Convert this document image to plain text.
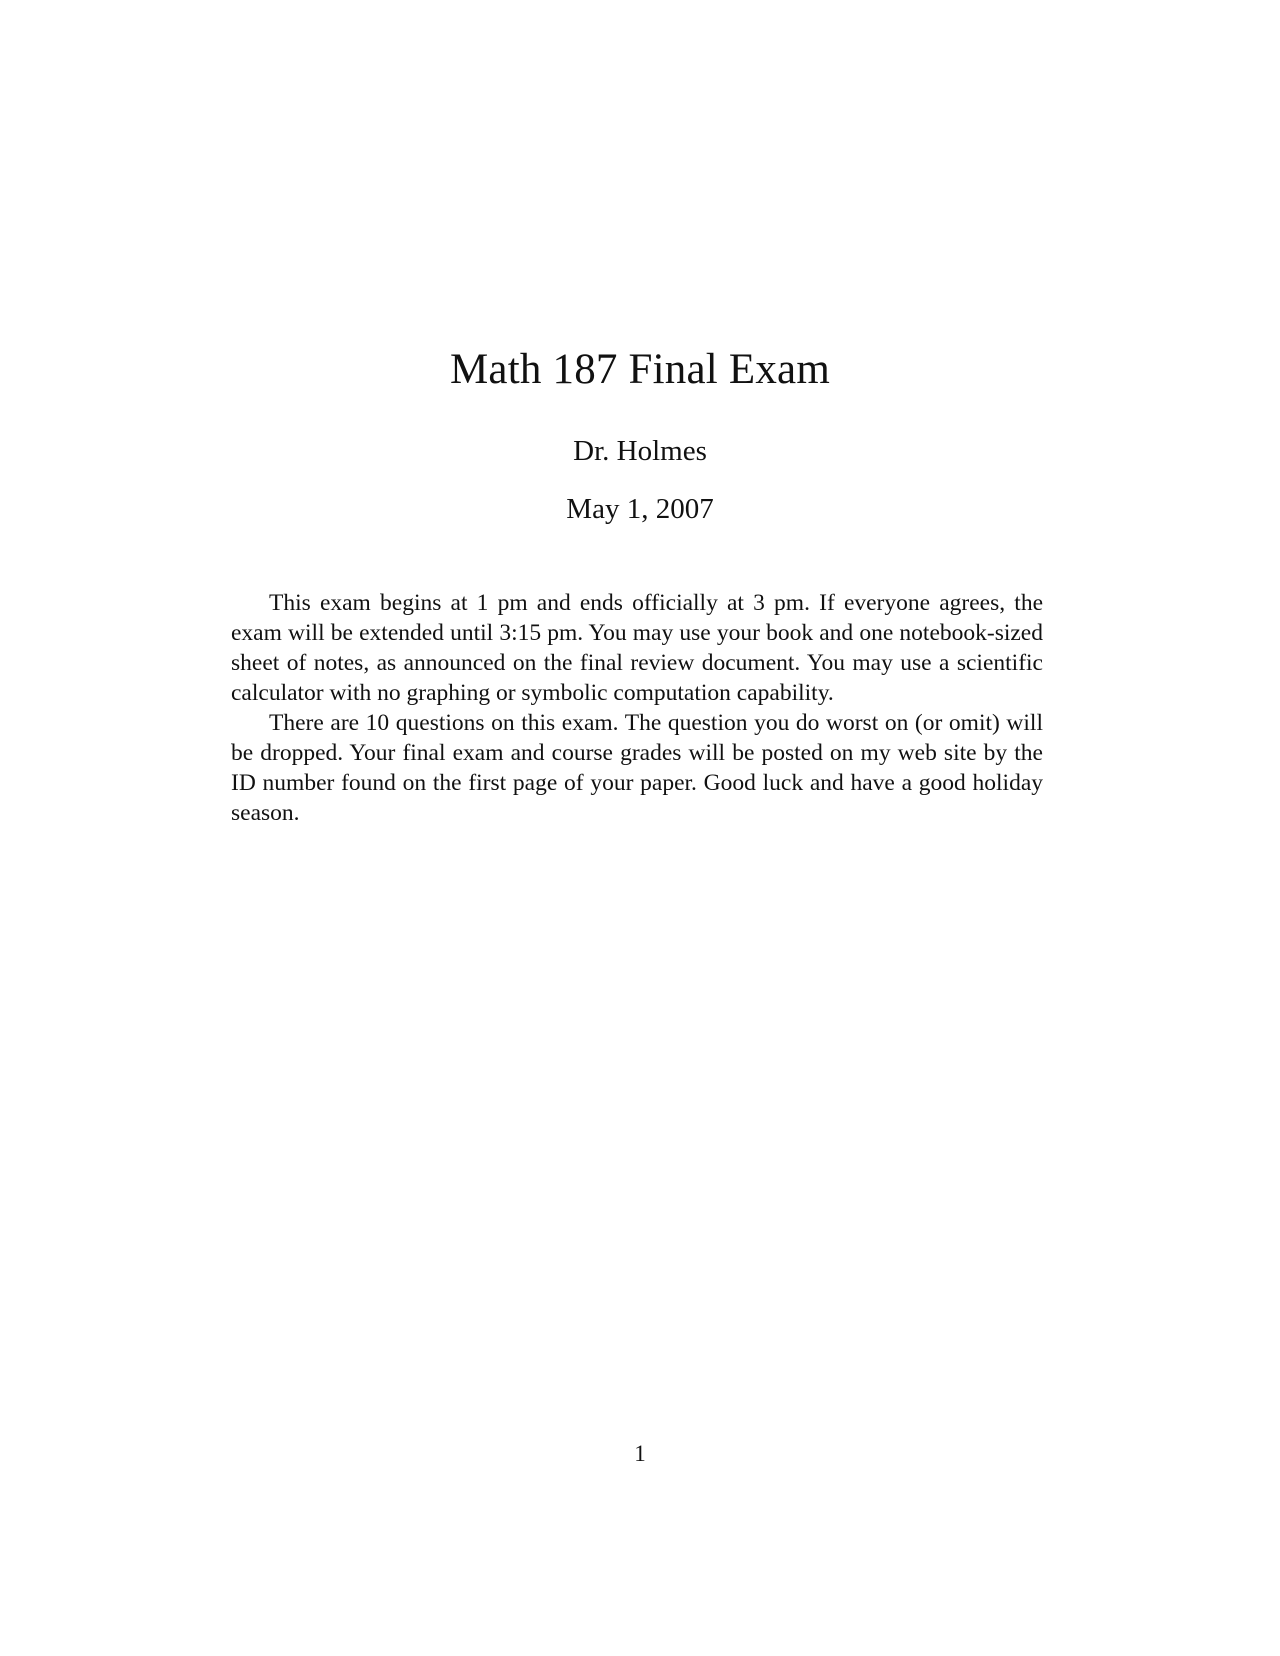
Math 187 Final Exam
Dr. Holmes
May 1, 2007

This exam begins at 1 pm and ends officially at 3 pm. If everyone agrees, the exam will be extended until 3:15 pm. You may use your book and one notebook-sized sheet of notes, as announced on the final review document. You may use a scientific calculator with no graphing or symbolic computation capability.

There are 10 questions on this exam. The question you do worst on (or omit) will be dropped. Your final exam and course grades will be posted on my web site by the ID number found on the first page of your paper. Good luck and have a good holiday season.

1
